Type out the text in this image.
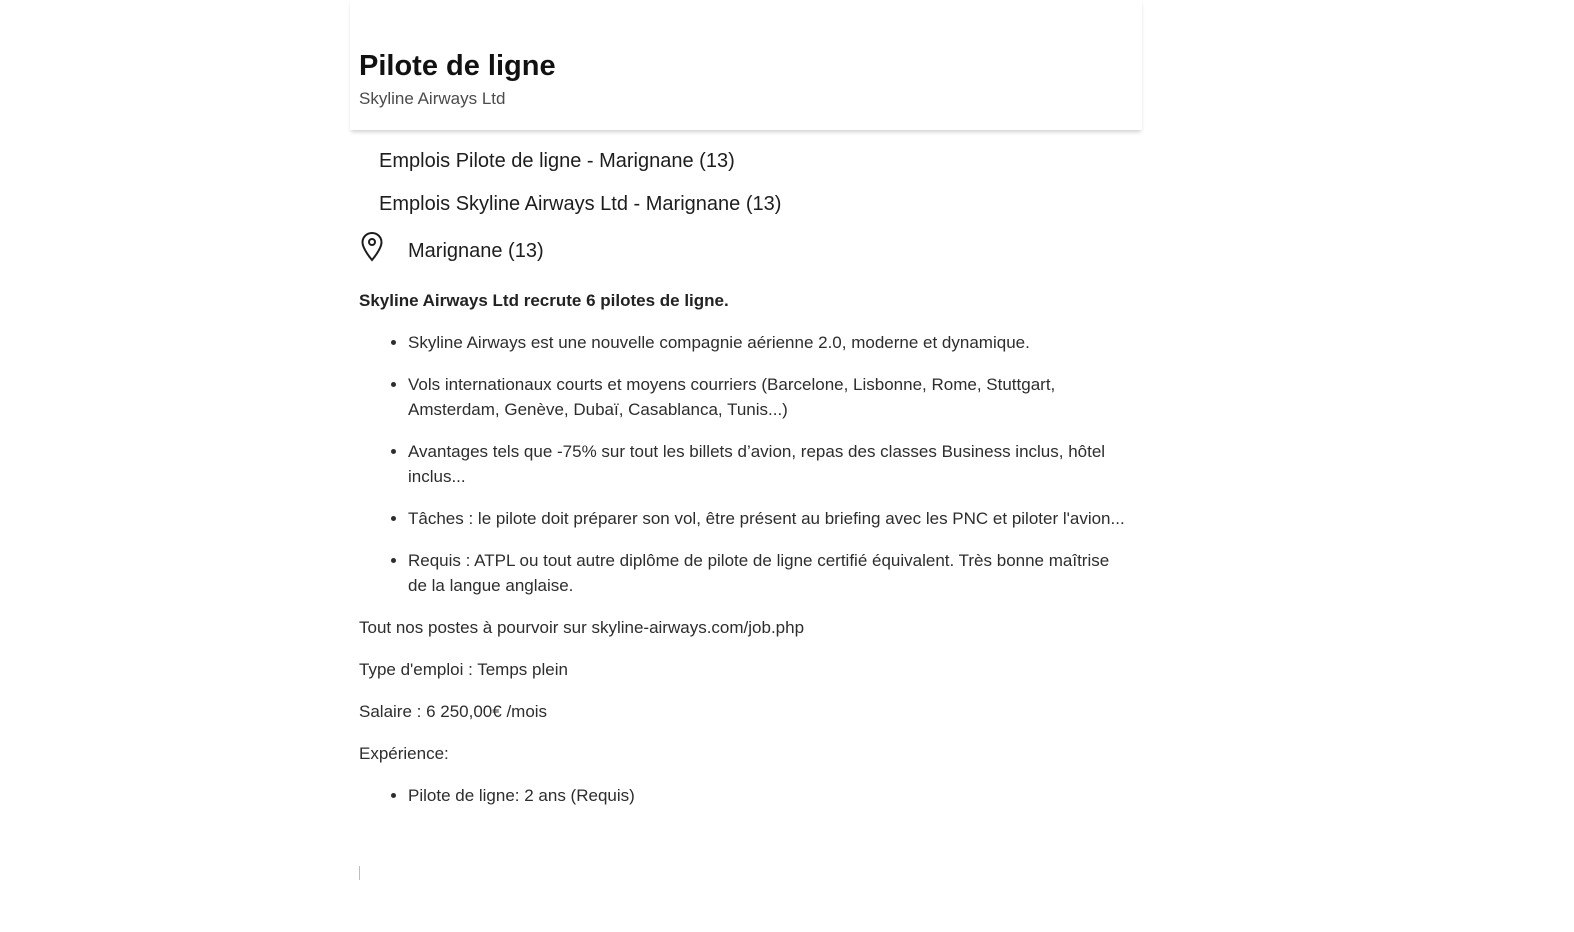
Pilote de ligne
Skyline Airways Ltd
Emplois Pilote de ligne - Marignane (13)
Emplois Skyline Airways Ltd - Marignane (13)
Marignane (13)

Skyline Airways Ltd recrute 6 pilotes de ligne.

• Skyline Airways est une nouvelle compagnie aérienne 2.0, moderne et dynamique.
• Vols internationaux courts et moyens courriers (Barcelone, Lisbonne, Rome, Stuttgart, Amsterdam, Genève, Dubaï, Casablanca, Tunis...)
• Avantages tels que -75% sur tout les billets d’avion, repas des classes Business inclus, hôtel inclus...
• Tâches : le pilote doit préparer son vol, être présent au briefing avec les PNC et piloter l'avion...
• Requis : ATPL ou tout autre diplôme de pilote de ligne certifié équivalent. Très bonne maîtrise de la langue anglaise.

Tout nos postes à pourvoir sur skyline-airways.com/job.php

Type d'emploi : Temps plein

Salaire : 6 250,00€ /mois

Expérience:

• Pilote de ligne: 2 ans (Requis)
